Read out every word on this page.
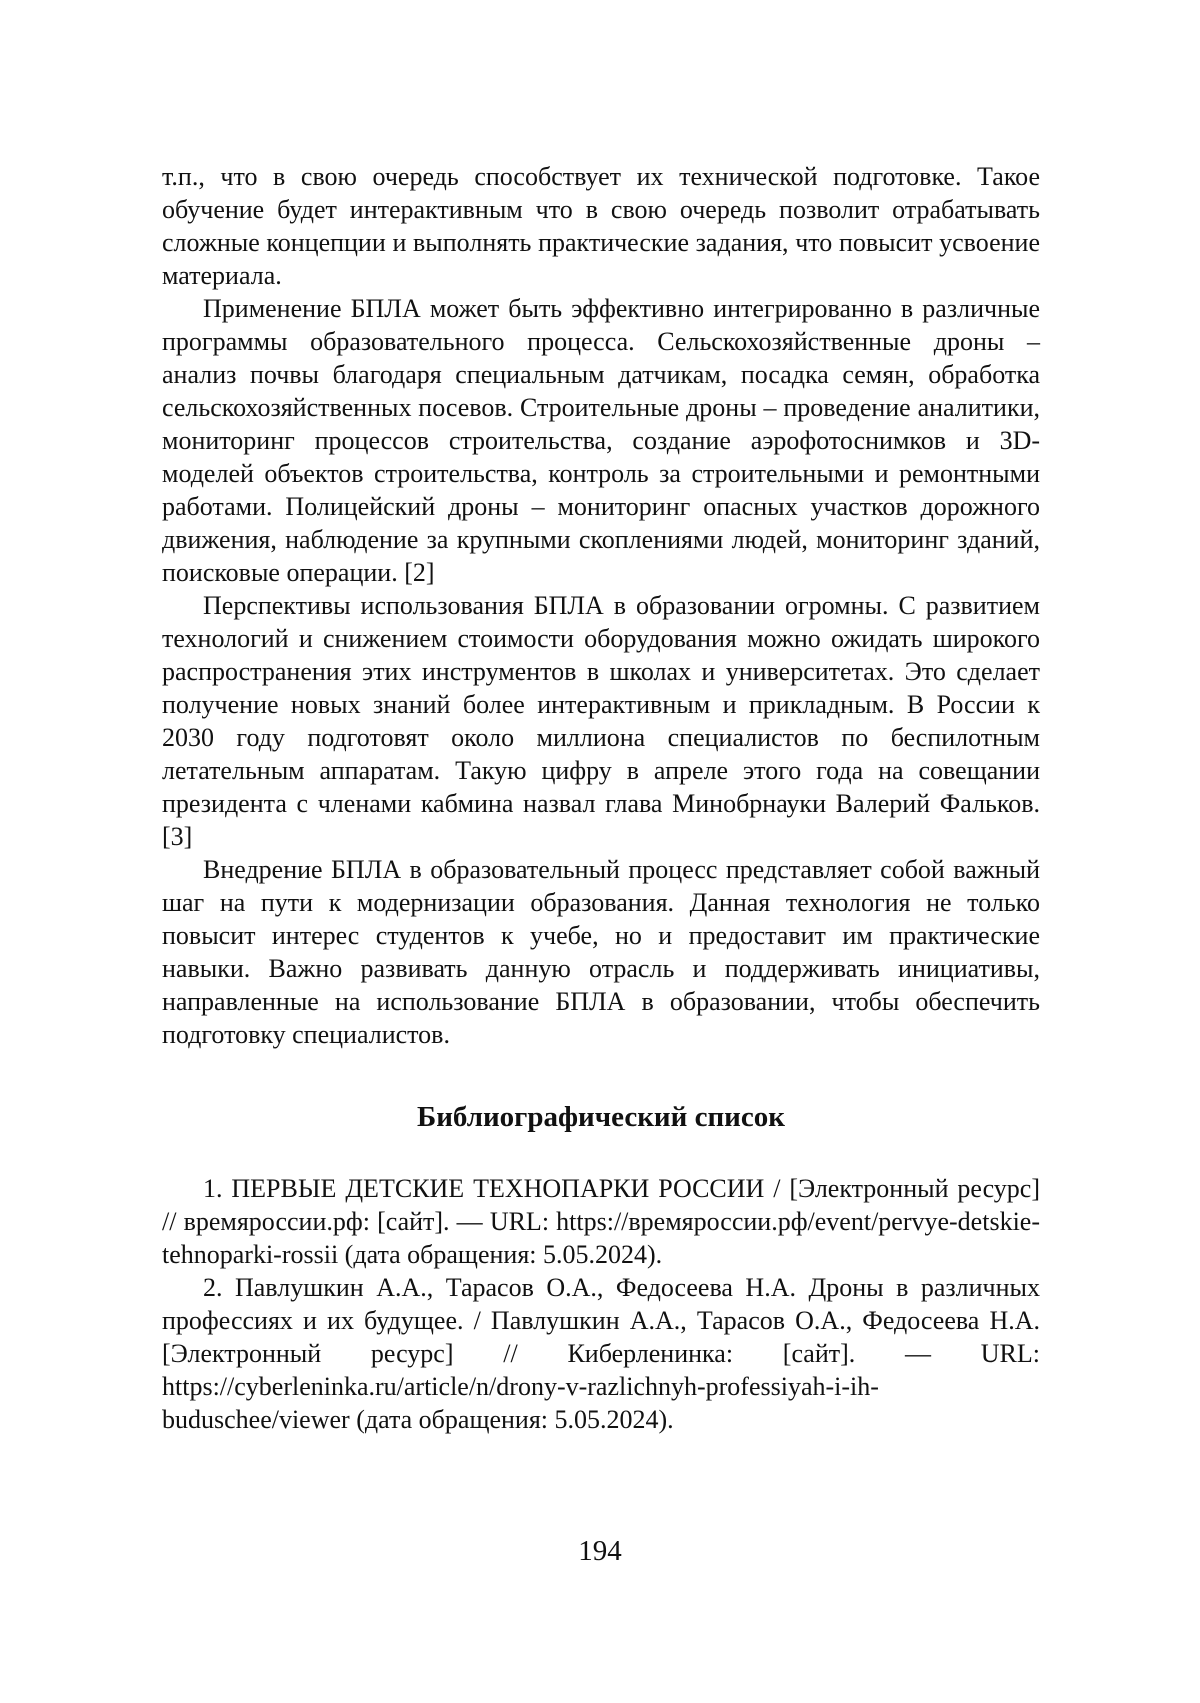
т.п., что в свою очередь способствует их технической подготовке. Такое обучение будет интерактивным что в свою очередь позволит отрабатывать сложные концепции и выполнять практические задания, что повысит усвоение материала.

Применение БПЛА может быть эффективно интегрированно в различные программы образовательного процесса. Сельскохозяйственные дроны – анализ почвы благодаря специальным датчикам, посадка семян, обработка сельскохозяйственных посевов. Строительные дроны – проведение аналитики, мониторинг процессов строительства, создание аэрофотоснимков и 3D-моделей объектов строительства, контроль за строительными и ремонтными работами. Полицейский дроны – мониторинг опасных участков дорожного движения, наблюдение за крупными скоплениями людей, мониторинг зданий, поисковые операции. [2]

Перспективы использования БПЛА в образовании огромны. С развитием технологий и снижением стоимости оборудования можно ожидать широкого распространения этих инструментов в школах и университетах. Это сделает получение новых знаний более интерактивным и прикладным. В России к 2030 году подготовят около миллиона специалистов по беспилотным летательным аппаратам. Такую цифру в апреле этого года на совещании президента с членами кабмина назвал глава Минобрнауки Валерий Фальков. [3]

Внедрение БПЛА в образовательный процесс представляет собой важный шаг на пути к модернизации образования. Данная технология не только повысит интерес студентов к учебе, но и предоставит им практические навыки. Важно развивать данную отрасль и поддерживать инициативы, направленные на использование БПЛА в образовании, чтобы обеспечить подготовку специалистов.

Библиографический список
1. ПЕРВЫЕ ДЕТСКИЕ ТЕХНОПАРКИ РОССИИ / [Электронный ресурс] // времяроссии.рф: [сайт]. — URL: https://времяроссии.рф/event/pervye-detskie-tehnoparki-rossii (дата обращения: 5.05.2024).
2. Павлушкин А.А., Тарасов О.А., Федосеева Н.А. Дроны в различных профессиях и их будущее. / Павлушкин А.А., Тарасов О.А., Федосеева Н.А. [Электронный ресурс] // Киберленинка: [сайт]. — URL: https://cyberleninka.ru/article/n/drony-v-razlichnyh-professiyah-i-ih-buduschee/viewer (дата обращения: 5.05.2024).
194
